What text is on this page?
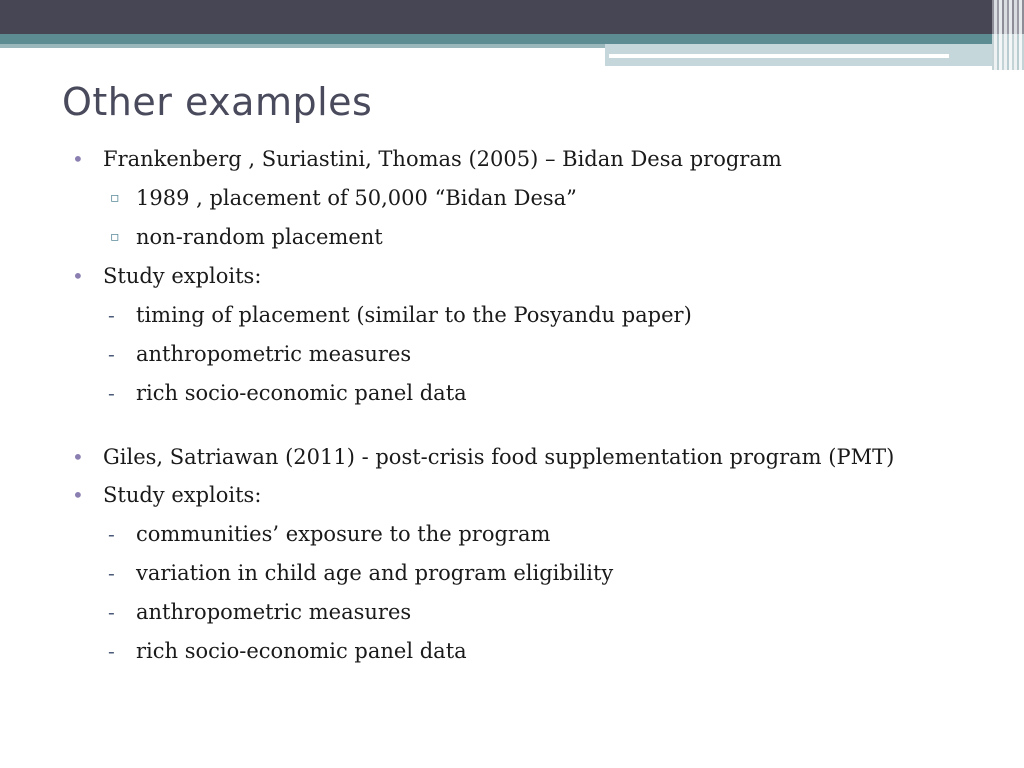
Other examples
• Frankenberg , Suriastini, Thomas (2005) – Bidan Desa program
▫ 1989 , placement of 50,000 “Bidan Desa”
▫ non-random placement
• Study exploits:
- timing of placement (similar to the Posyandu paper)
- anthropometric measures
- rich socio-economic panel data
• Giles, Satriawan (2011) - post-crisis food supplementation program (PMT)
• Study exploits:
- communities’ exposure to the program
- variation in child age and program eligibility
- anthropometric measures
- rich socio-economic panel data
